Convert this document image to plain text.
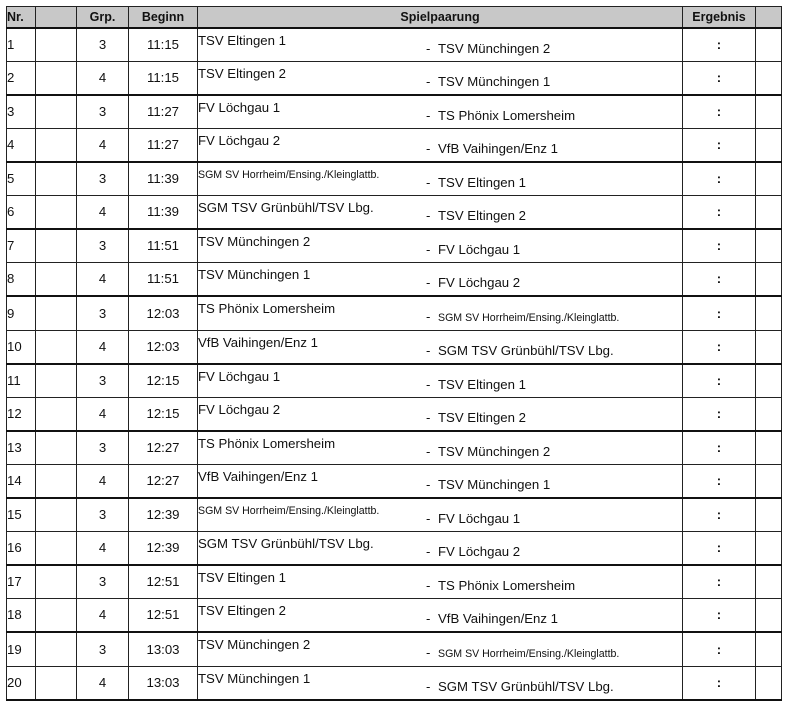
Nr.		Grp.	Beginn	Spielpaarung	Ergebnis	
1		3	11:15	TSV Eltingen 1- TSV Münchingen 2	:	
2		4	11:15	TSV Eltingen 2- TSV Münchingen 1	:	
3		3	11:27	FV Löchgau 1- TS Phönix Lomersheim	:	
4		4	11:27	FV Löchgau 2- VfB Vaihingen/Enz 1	:	
5		3	11:39	SGM SV Horrheim/Ensing./Kleinglattb. - TSV Eltingen 1	:	
6		4	11:39	SGM TSV Grünbühl/TSV Lbg.- TSV Eltingen 2	:	
7		3	11:51	TSV Münchingen 2- FV Löchgau 1	:	
8		4	11:51	TSV Münchingen 1- FV Löchgau 2	:	
9		3	12:03	TS Phönix Lomersheim- SGM SV Horrheim/Ensing./Kleinglattb.	:	
10		4	12:03	VfB Vaihingen/Enz 1- SGM TSV Grünbühl/TSV Lbg.	:	
11		3	12:15	FV Löchgau 1- TSV Eltingen 1	:	
12		4	12:15	FV Löchgau 2- TSV Eltingen 2	:	
13		3	12:27	TS Phönix Lomersheim- TSV Münchingen 2	:	
14		4	12:27	VfB Vaihingen/Enz 1- TSV Münchingen 1	:	
15		3	12:39	SGM SV Horrheim/Ensing./Kleinglattb. - FV Löchgau 1	:	
16		4	12:39	SGM TSV Grünbühl/TSV Lbg.- FV Löchgau 2	:	
17		3	12:51	TSV Eltingen 1- TS Phönix Lomersheim	:	
18		4	12:51	TSV Eltingen 2- VfB Vaihingen/Enz 1	:	
19		3	13:03	TSV Münchingen 2- SGM SV Horrheim/Ensing./Kleinglattb.	:	
20		4	13:03	TSV Münchingen 1- SGM TSV Grünbühl/TSV Lbg.	:	
